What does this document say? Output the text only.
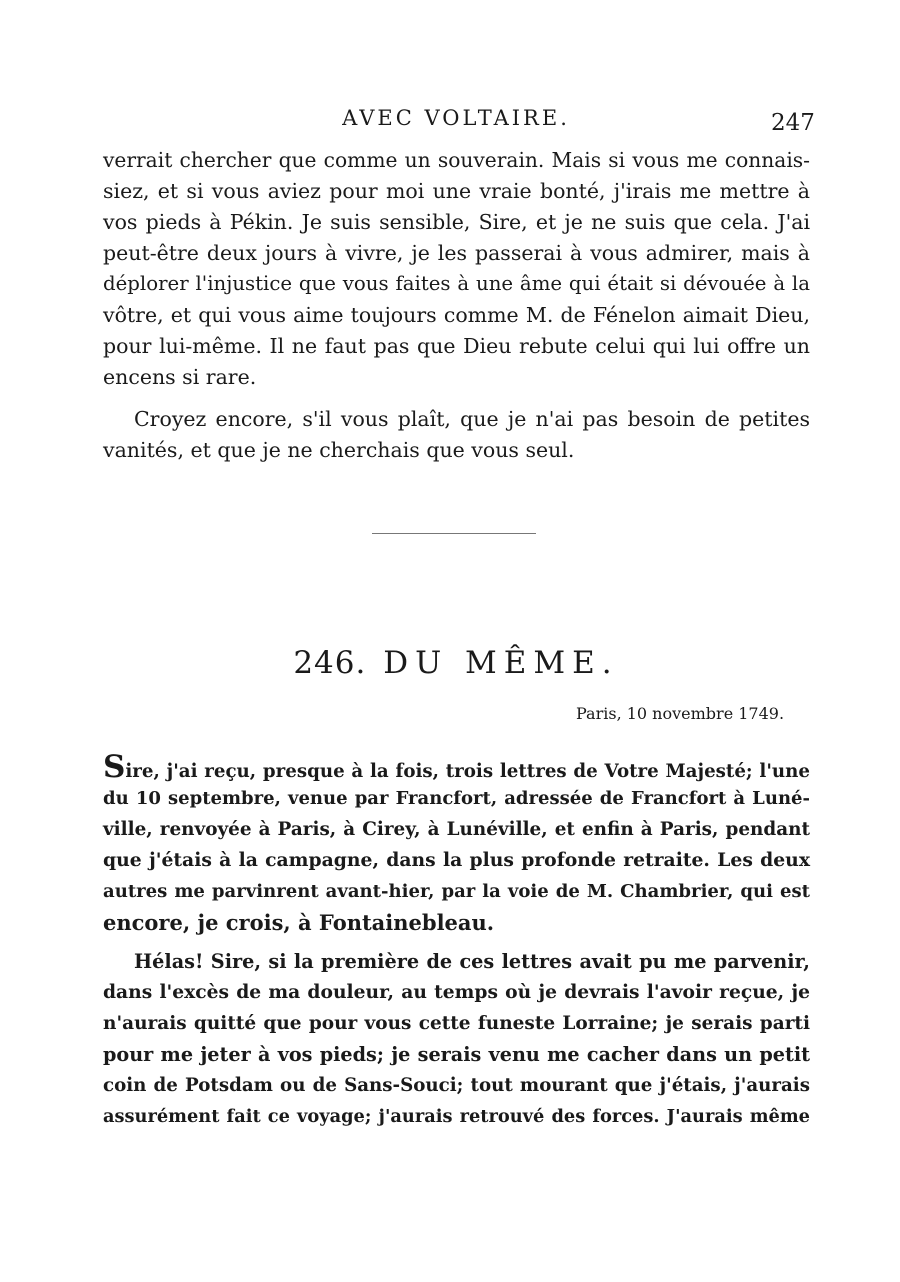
AVEC VOLTAIRE.	247
verrait chercher que comme un souverain. Mais si vous me connais-
siez, et si vous aviez pour moi une vraie bonté, j'irais me mettre à
vos pieds à Pékin. Je suis sensible, Sire, et je ne suis que cela. J'ai
peut-être deux jours à vivre, je les passerai à vous admirer, mais à
déplorer l'injustice que vous faites à une âme qui était si dévouée à la
vôtre, et qui vous aime toujours comme M. de Fénelon aimait Dieu,
pour lui-même. Il ne faut pas que Dieu rebute celui qui lui offre un
encens si rare.
Croyez encore, s'il vous plaît, que je n'ai pas besoin de petites
vanités, et que je ne cherchais que vous seul.
246. DU MÊME.
Paris, 10 novembre 1749.
Sire, j'ai reçu, presque à la fois, trois lettres de Votre Majesté; l'une
du 10 septembre, venue par Francfort, adressée de Francfort à Luné-
ville, renvoyée à Paris, à Cirey, à Lunéville, et enfin à Paris, pendant
que j'étais à la campagne, dans la plus profonde retraite. Les deux
autres me parvinrent avant-hier, par la voie de M. Chambrier, qui est
encore, je crois, à Fontainebleau.
Hélas! Sire, si la première de ces lettres avait pu me parvenir,
dans l'excès de ma douleur, au temps où je devrais l'avoir reçue, je
n'aurais quitté que pour vous cette funeste Lorraine; je serais parti
pour me jeter à vos pieds; je serais venu me cacher dans un petit
coin de Potsdam ou de Sans-Souci; tout mourant que j'étais, j'aurais
assurément fait ce voyage; j'aurais retrouvé des forces. J'aurais même
